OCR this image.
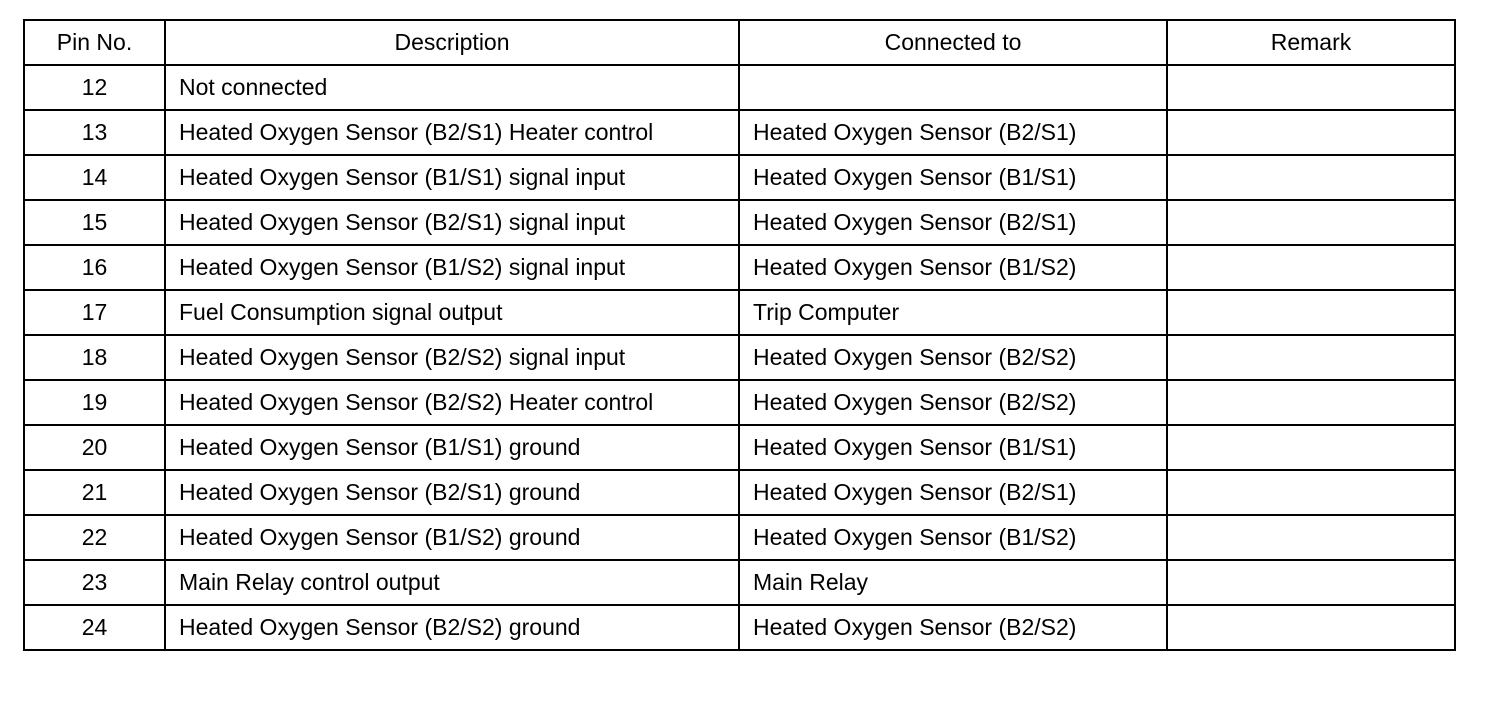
Pin No.	Description	Connected to	Remark
12	Not connected		
13	Heated Oxygen Sensor (B2/S1) Heater control	Heated Oxygen Sensor (B2/S1)	
14	Heated Oxygen Sensor (B1/S1) signal input	Heated Oxygen Sensor (B1/S1)	
15	Heated Oxygen Sensor (B2/S1) signal input	Heated Oxygen Sensor (B2/S1)	
16	Heated Oxygen Sensor (B1/S2) signal input	Heated Oxygen Sensor (B1/S2)	
17	Fuel Consumption signal output	Trip Computer	
18	Heated Oxygen Sensor (B2/S2) signal input	Heated Oxygen Sensor (B2/S2)	
19	Heated Oxygen Sensor (B2/S2) Heater control	Heated Oxygen Sensor (B2/S2)	
20	Heated Oxygen Sensor (B1/S1) ground	Heated Oxygen Sensor (B1/S1)	
21	Heated Oxygen Sensor (B2/S1) ground	Heated Oxygen Sensor (B2/S1)	
22	Heated Oxygen Sensor (B1/S2) ground	Heated Oxygen Sensor (B1/S2)	
23	Main Relay control output	Main Relay	
24	Heated Oxygen Sensor (B2/S2) ground	Heated Oxygen Sensor (B2/S2)	
